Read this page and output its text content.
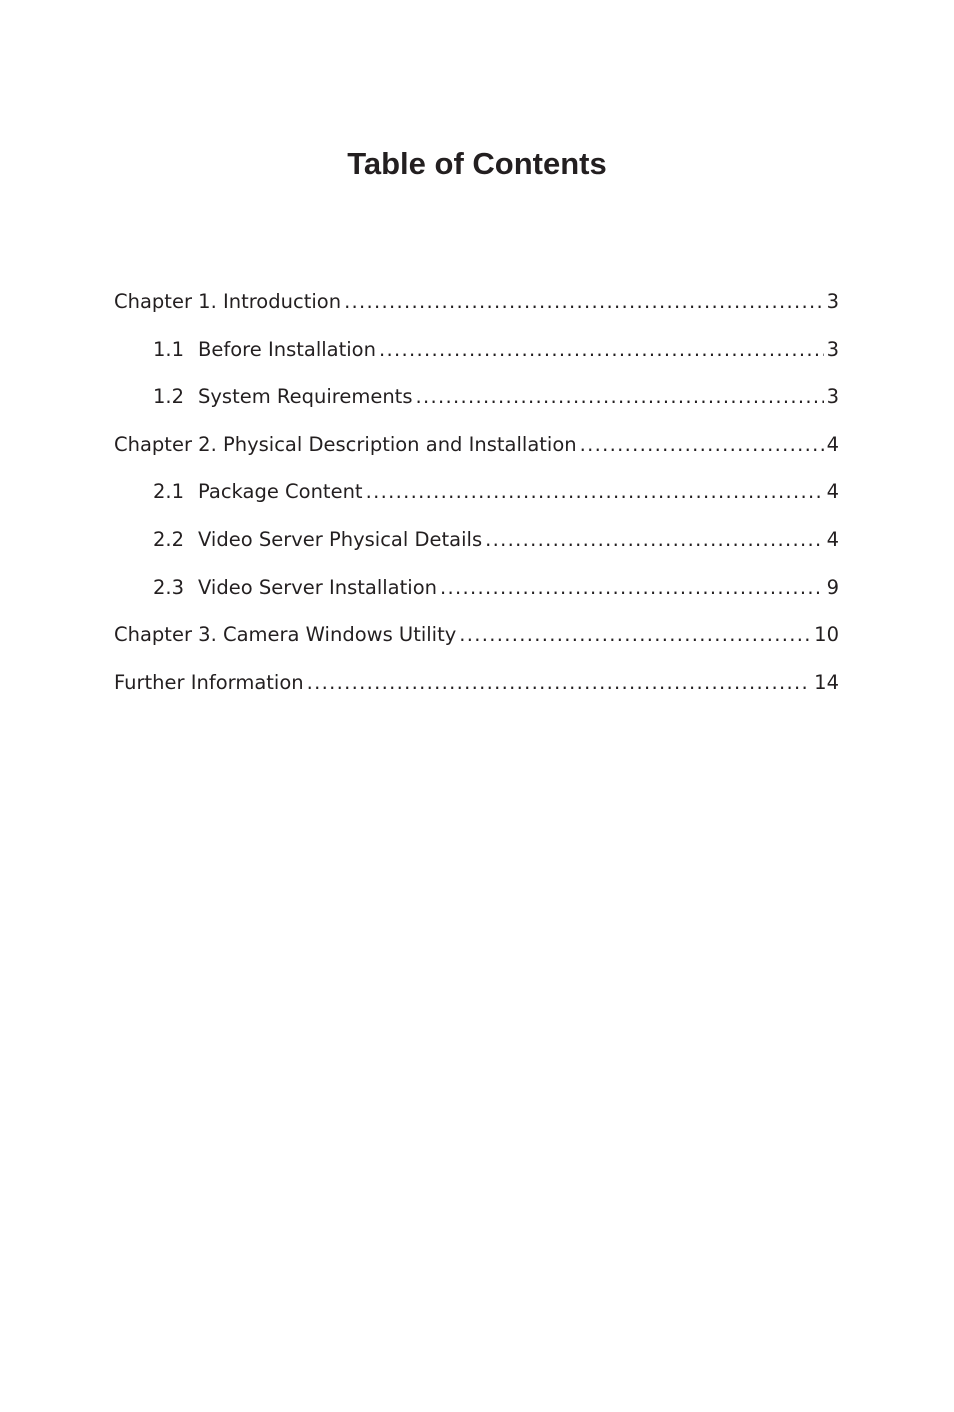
Table of Contents
Chapter 1. Introduction .....	3
1.1 Before Installation .....	3
1.2 System Requirements .....	3
Chapter 2. Physical Description and Installation .....	4
2.1 Package Content .....	4
2.2 Video Server Physical Details .....	4
2.3 Video Server Installation .....	9
Chapter 3. Camera Windows Utility .....	10
Further Information .....	14
